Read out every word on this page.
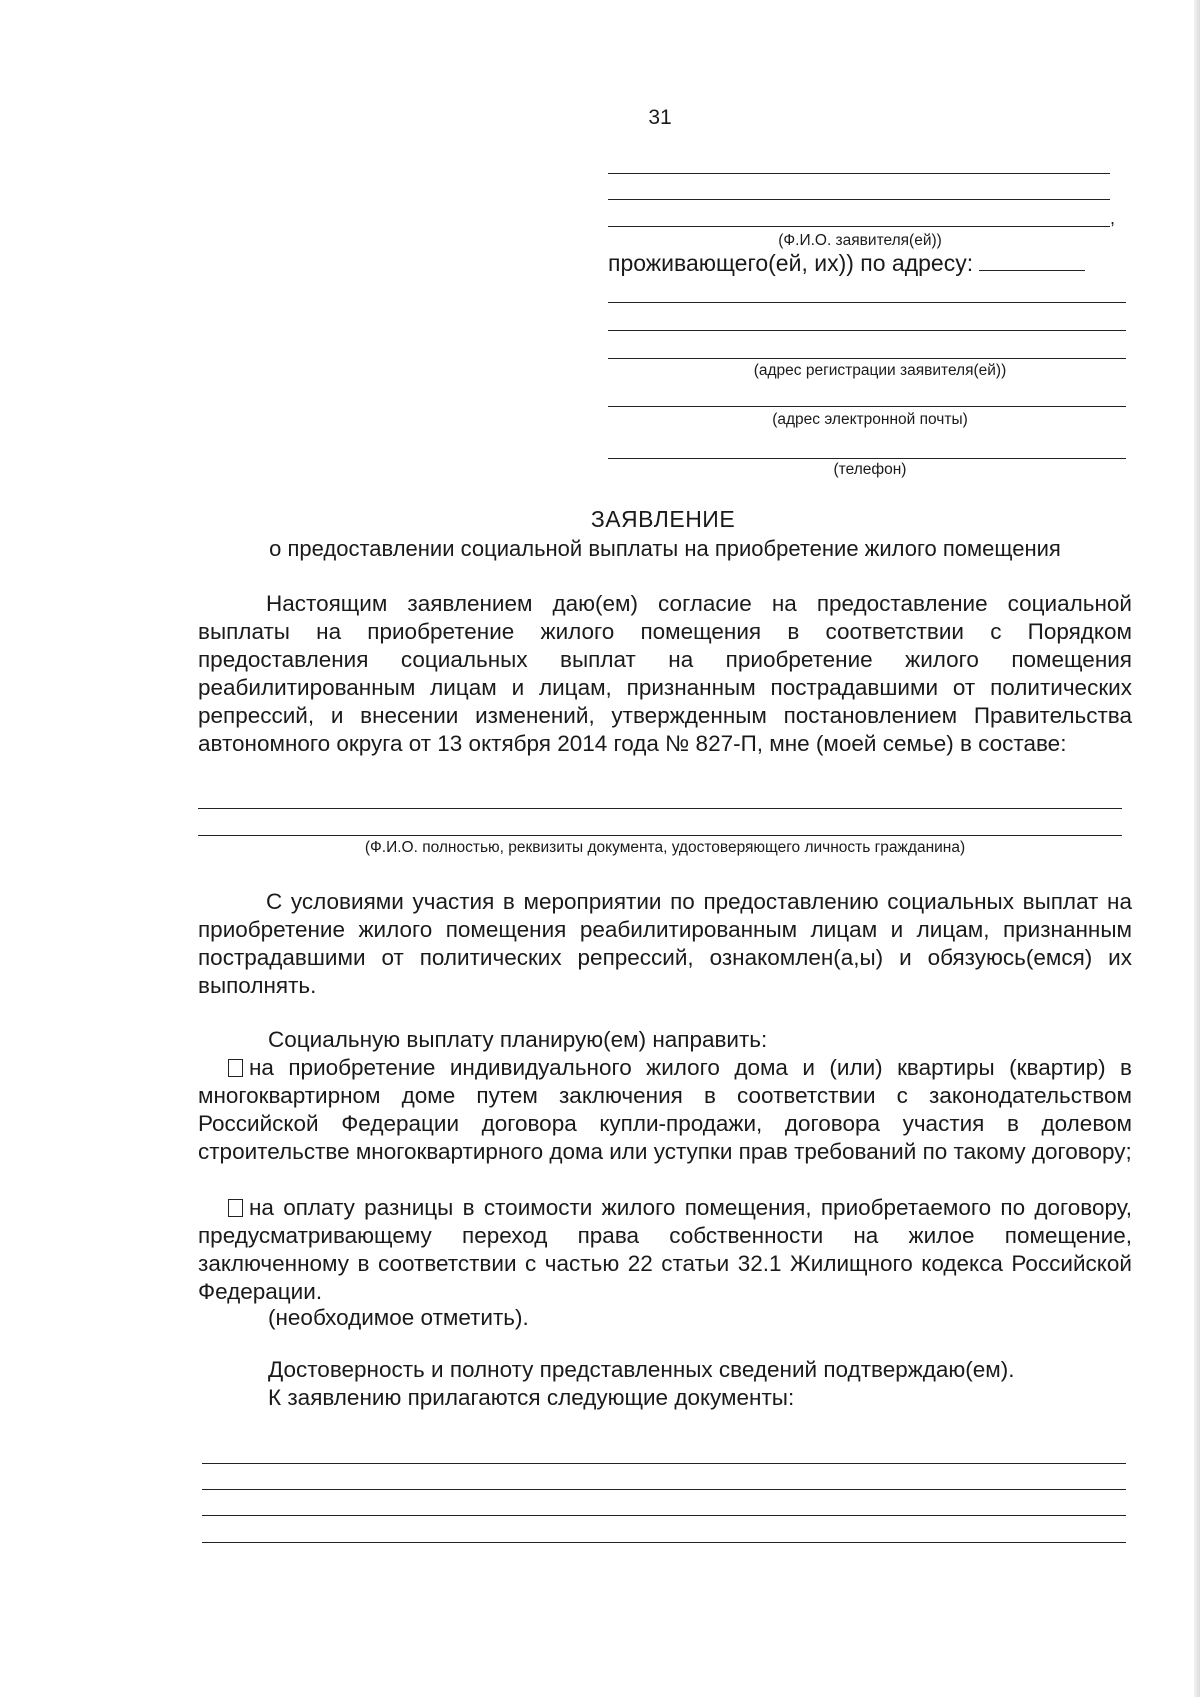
31
,
(Ф.И.О. заявителя(ей))
проживающего(ей, их)) по адресу:
(адрес регистрации заявителя(ей))
(адрес электронной почты)
(телефон)
ЗАЯВЛЕНИЕ
о предоставлении социальной выплаты на приобретение жилого помещения
Настоящим заявлением даю(ем) согласие на предоставление социальной выплаты на приобретение жилого помещения в соответствии с Порядком предоставления социальных выплат на приобретение жилого помещения реабилитированным лицам и лицам, признанным пострадавшими от политических репрессий, и внесении изменений, утвержденным постановлением Правительства автономного округа от 13 октября 2014 года № 827-П, мне (моей семье) в составе:
(Ф.И.О. полностью, реквизиты документа, удостоверяющего личность гражданина)
С условиями участия в мероприятии по предоставлению социальных выплат на приобретение жилого помещения реабилитированным лицам и лицам, признанным пострадавшими от политических репрессий, ознакомлен(а,ы) и обязуюсь(емся) их выполнять.
Социальную выплату планирую(ем) направить:
на приобретение индивидуального жилого дома и (или) квартиры (квартир) в многоквартирном доме путем заключения в соответствии с законодательством Российской Федерации договора купли-продажи, договора участия в долевом строительстве многоквартирного дома или уступки прав требований по такому договору;
на оплату разницы в стоимости жилого помещения, приобретаемого по договору, предусматривающему переход права собственности на жилое помещение, заключенному в соответствии с частью 22 статьи 32.1 Жилищного кодекса Российской Федерации.
(необходимое отметить).
Достоверность и полноту представленных сведений подтверждаю(ем).
К заявлению прилагаются следующие документы:
